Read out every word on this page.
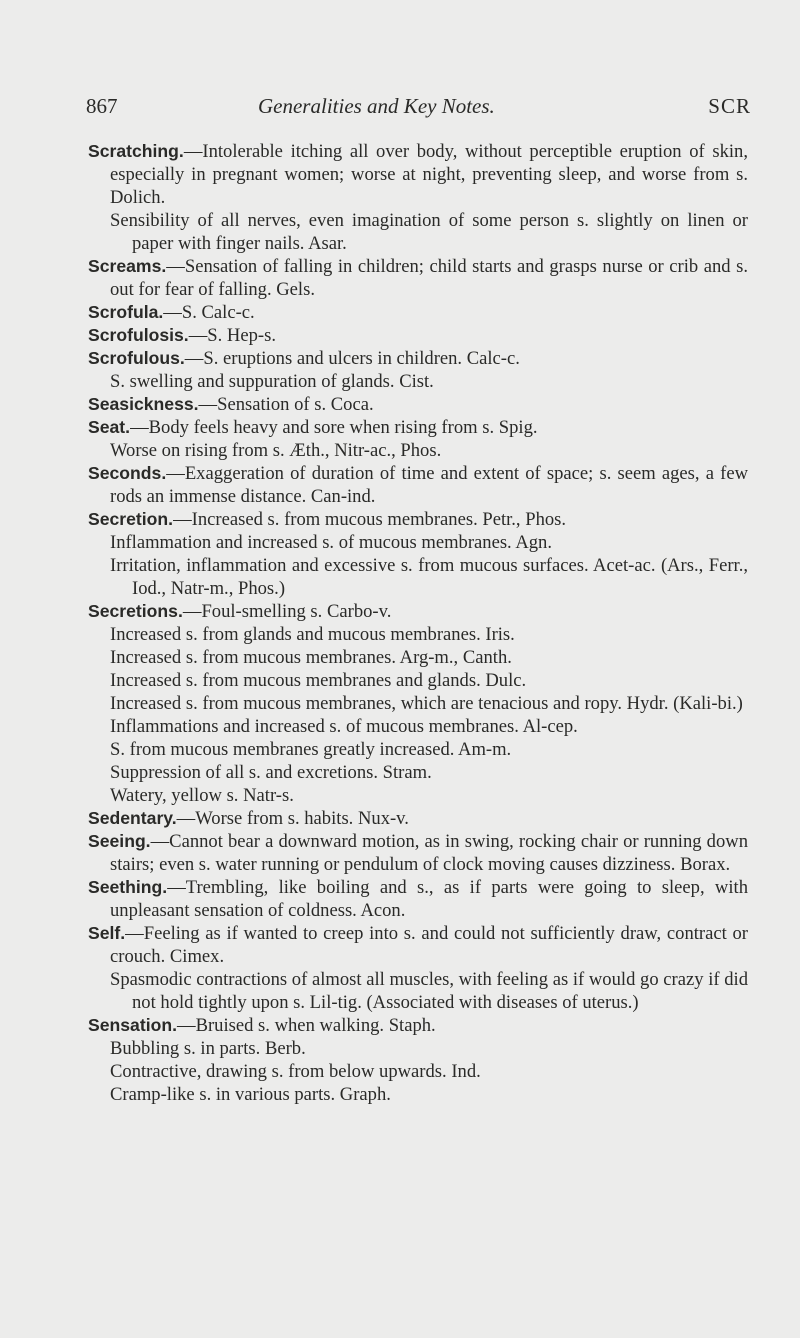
867	Generalities and Key Notes.	SCR
Scratching.—Intolerable itching all over body, without perceptible eruption of skin, especially in pregnant women; worse at night, preventing sleep, and worse from s. Dolich.
Sensibility of all nerves, even imagination of some person s. slightly on linen or paper with finger nails. Asar.
Screams.—Sensation of falling in children; child starts and grasps nurse or crib and s. out for fear of falling. Gels.
Scrofula.—S. Calc-c.
Scrofulosis.—S. Hep-s.
Scrofulous.—S. eruptions and ulcers in children. Calc-c.
S. swelling and suppuration of glands. Cist.
Seasickness.—Sensation of s. Coca.
Seat.—Body feels heavy and sore when rising from s. Spig.
Worse on rising from s. Æth., Nitr-ac., Phos.
Seconds.—Exaggeration of duration of time and extent of space; s. seem ages, a few rods an immense distance. Can-ind.
Secretion.—Increased s. from mucous membranes. Petr., Phos.
Inflammation and increased s. of mucous membranes. Agn.
Irritation, inflammation and excessive s. from mucous surfaces. Acet-ac. (Ars., Ferr., Iod., Natr-m., Phos.)
Secretions.—Foul-smelling s. Carbo-v.
Increased s. from glands and mucous membranes. Iris.
Increased s. from mucous membranes. Arg-m., Canth.
Increased s. from mucous membranes and glands. Dulc.
Increased s. from mucous membranes, which are tenacious and ropy. Hydr. (Kali-bi.)
Inflammations and increased s. of mucous membranes. Al-cep.
S. from mucous membranes greatly increased. Am-m.
Suppression of all s. and excretions. Stram.
Watery, yellow s. Natr-s.
Sedentary.—Worse from s. habits. Nux-v.
Seeing.—Cannot bear a downward motion, as in swing, rocking chair or running down stairs; even s. water running or pendulum of clock moving causes dizziness. Borax.
Seething.—Trembling, like boiling and s., as if parts were going to sleep, with unpleasant sensation of coldness. Acon.
Self.—Feeling as if wanted to creep into s. and could not sufficiently draw, contract or crouch. Cimex.
Spasmodic contractions of almost all muscles, with feeling as if would go crazy if did not hold tightly upon s. Lil-tig. (Associated with diseases of uterus.)
Sensation.—Bruised s. when walking. Staph.
Bubbling s. in parts. Berb.
Contractive, drawing s. from below upwards. Ind.
Cramp-like s. in various parts. Graph.
